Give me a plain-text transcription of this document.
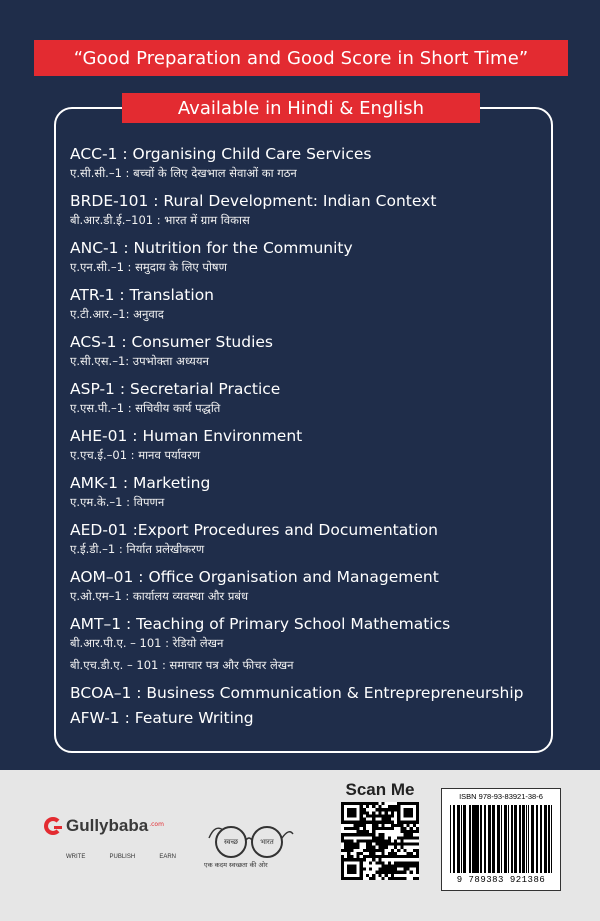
“Good Preparation and Good Score in Short Time”
Available in Hindi & English
ACC-1 : Organising Child Care Services
ए.सी.सी.–1 : बच्चों के लिए देखभाल सेवाओं का गठन
BRDE-101 : Rural Development: Indian Context
बी.आर.डी.ई.–101 : भारत में ग्राम विकास
ANC-1 : Nutrition for the Community
ए.एन.सी.–1 : समुदाय के लिए पोषण
ATR-1 : Translation
ए.टी.आर.–1: अनुवाद
ACS-1 : Consumer Studies
ए.सी.एस.–1: उपभोक्ता अध्ययन
ASP-1 : Secretarial Practice
ए.एस.पी.–1 : सचिवीय कार्य पद्धति
AHE-01 : Human Environment
ए.एच.ई.–01 : मानव पर्यावरण
AMK-1 : Marketing
ए.एम.के.–1 : विपणन
AED-01 :Export Procedures and Documentation
ए.ई.डी.–1 : निर्यात प्रलेखीकरण
AOM–01 : Office Organisation and Management
ए.ओ.एम–1 : कार्यालय व्यवस्था और प्रबंध
AMT–1 : Teaching of Primary School Mathematics
बी.आर.पी.ए. – 101 : रेडियो लेखन
बी.एच.डी.ए. – 101 : समाचार पत्र और फीचर लेखन
BCOA–1 : Business Communication & Entreprepreneurship
AFW-1 : Feature Writing
Gullybaba .com
WRITE	PUBLISH	EARN
स्वच्छ	भारत
एक कदम स्वच्छता की ओर
Scan Me	ISBN 978-93-83921-38-6
9 789383 921386
